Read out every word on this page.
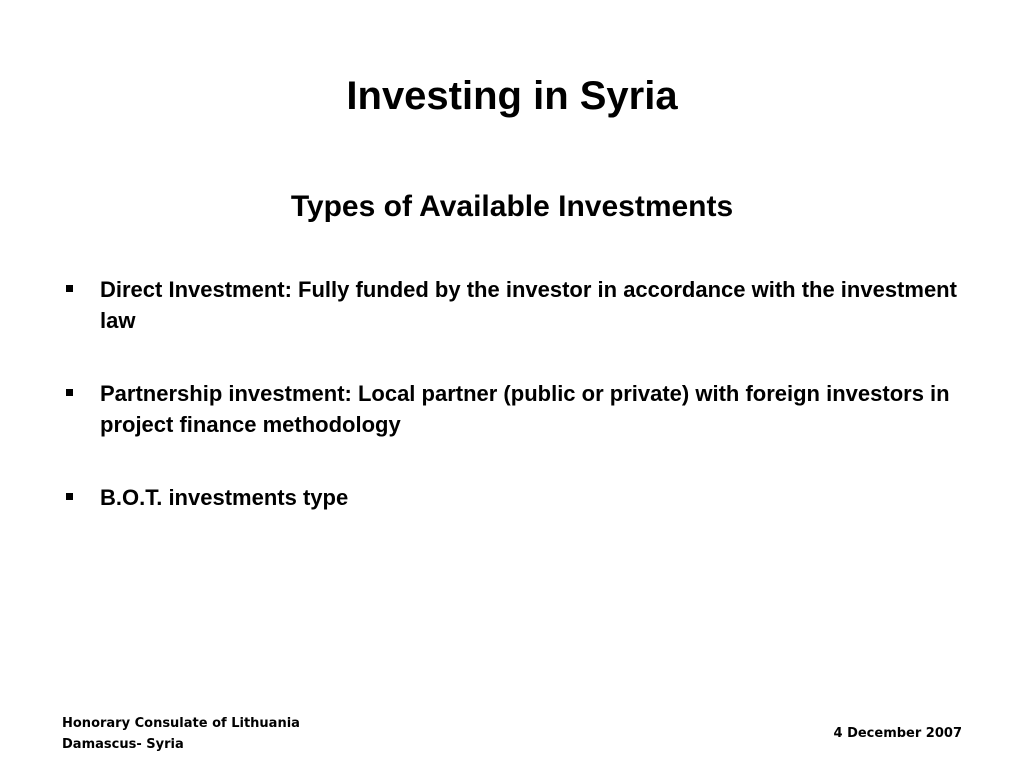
Investing in Syria
Types of Available Investments
Direct Investment: Fully funded by the investor in accordance with the investment law
Partnership investment: Local partner (public or private) with foreign investors in project finance methodology
B.O.T. investments type
Honorary Consulate of Lithuania
Damascus- Syria
4 December 2007
